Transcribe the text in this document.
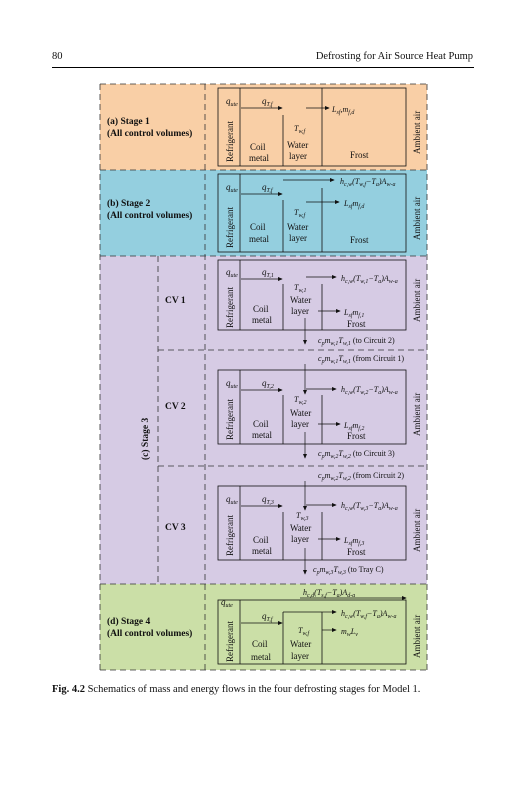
80	Defrosting for Air Source Heat Pump
(a) Stage 1
(All control volumes)	Refrigerant	Ambient air
Coil
metal
Water
layer	Frost
$q_{ute}$	$q_{T,f}$
$T_{w,f}$
$L_{sf},m_{f,d}$
(b) Stage 2
(All control volumes)	Refrigerant	Ambient air
Coil
metal
Water
layer	Frost
$q_{ute}$	$q_{T,f}$
$T_{w,f}$
$h_{c,w}(T_{w,f}-T_a)A_{w-a}$
$L_{sf}m_{f,d}$
(c) Stage 3
CV 1
CV 2
CV 3
Refrigerant	Ambient air
Coil
metal
Water
layer
Frost
$q_{ute}$	$q_{T,1}$
$T_{w,1}$
$h_{c,w}(T_{w,1}-T_a)A_{w-a}$
$L_{sf}m_{f,1}$
$c_pm_{w,1}T_{w,1}$ (to Circuit 2)
$c_pm_{w,1}T_{w,1}$ (from Circuit 1)
Refrigerant	Ambient air
Coil
metal
Water
layer
Frost
$q_{ute}$	$q_{T,2}$
$T_{w,2}$
$h_{c,w}(T_{w,2}-T_a)A_{w-a}$
$L_{sf}m_{f,2}$
$c_pm_{w,2}T_{w,2}$ (to Circuit 3)
$c_pm_{w,2}T_{w,2}$ (from Circuit 2)
Refrigerant	Ambient air
Coil
metal
Water
layer
Frost
$q_{ute}$	$q_{T,3}$
$T_{w,3}$
$h_{c,w}(T_{w,3}-T_a)A_{w-a}$
$L_{sf}m_{f,3}$
$c_pm_{w,3}T_{w,3}$ (to Tray C)
(d) Stage 4
(All control volumes)
$h_{c,d}(T_{s,f}-T_a)A_{d-a}$
Refrigerant	Ambient air
Coil
metal
Water
layer
$q_{ute}$
$q_{T,f}$
$T_{w,f}$
$h_{c,w}(T_{w,f}-T_a)A_{w-a}$
$m_wL_v$
Fig. 4.2 Schematics of mass and energy flows in the four defrosting stages for Model 1.
